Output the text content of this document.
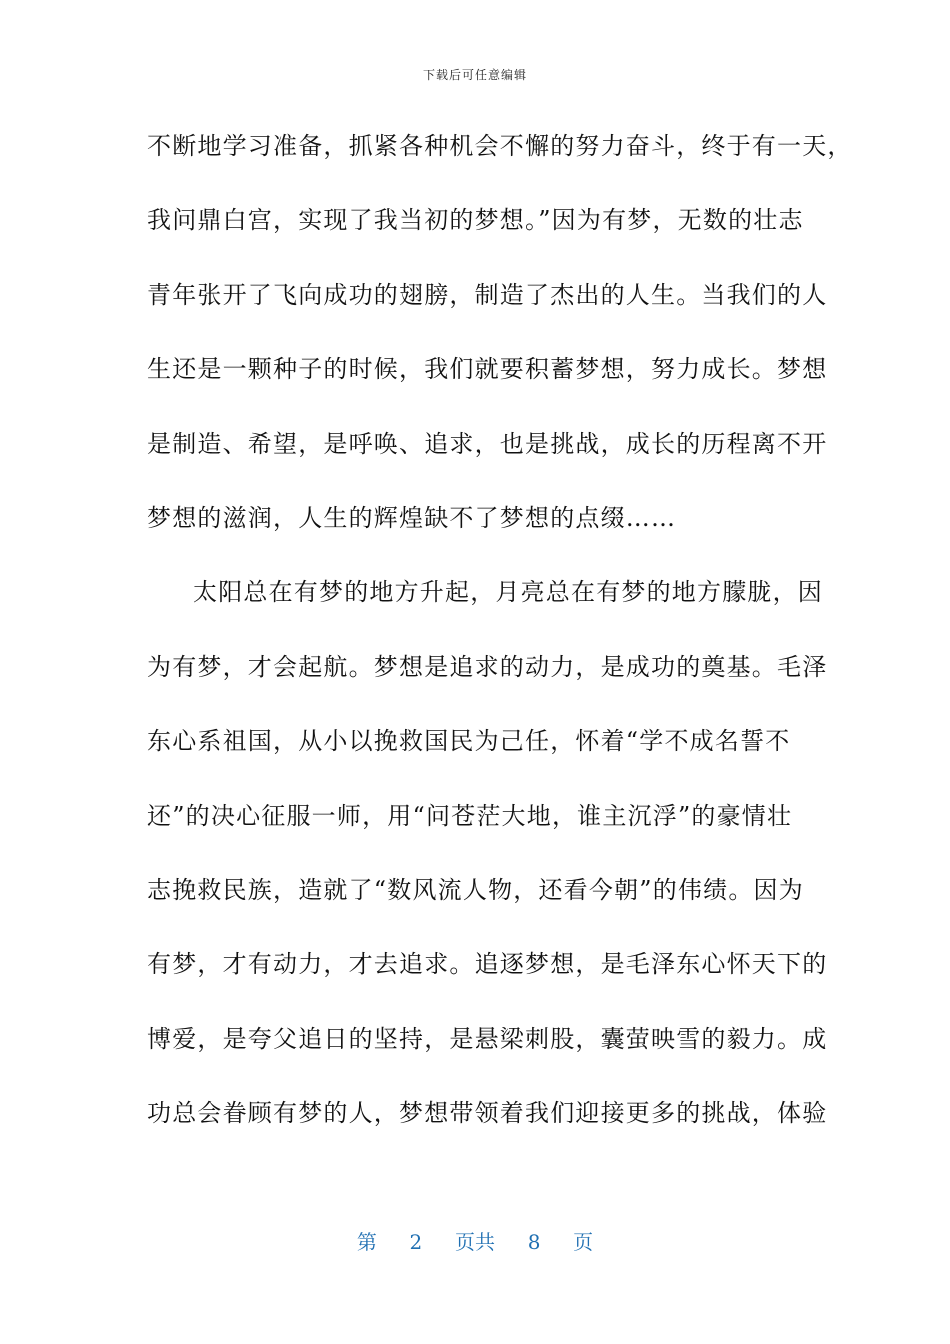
下载后可任意编辑
不断地学习准备，抓紧各种机会不懈的努力奋斗，终于有一天，
我问鼎白宫，实现了我当初的梦想。”因为有梦，无数的壮志
青年张开了飞向成功的翅膀，制造了杰出的人生。当我们的人
生还是一颗种子的时候，我们就要积蓄梦想，努力成长。梦想
是制造、希望，是呼唤、追求，也是挑战，成长的历程离不开
梦想的滋润，人生的辉煌缺不了梦想的点缀……
太阳总在有梦的地方升起，月亮总在有梦的地方朦胧，因
为有梦，才会起航。梦想是追求的动力，是成功的奠基。毛泽
东心系祖国，从小以挽救国民为己任，怀着“学不成名誓不
还”的决心征服一师，用“问苍茫大地，谁主沉浮”的豪情壮
志挽救民族，造就了“数风流人物，还看今朝”的伟绩。因为
有梦，才有动力，才去追求。追逐梦想，是毛泽东心怀天下的
博爱，是夸父追日的坚持，是悬梁刺股，囊萤映雪的毅力。成
功总会眷顾有梦的人，梦想带领着我们迎接更多的挑战，体验
第 2 页共 8 页
